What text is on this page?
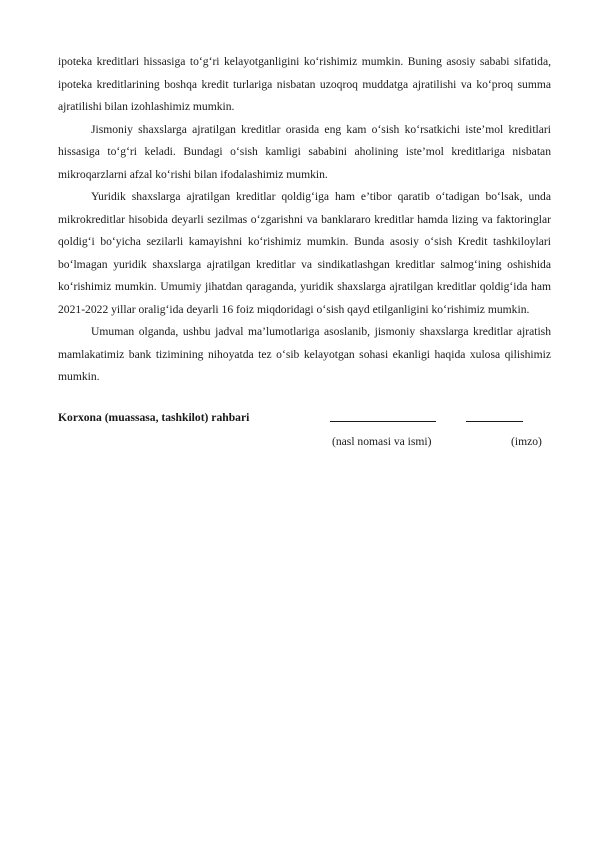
ipoteka kreditlari hissasiga to‘g‘ri kelayotganligini ko‘rishimiz mumkin. Buning asosiy sababi sifatida, ipoteka kreditlarining boshqa kredit turlariga nisbatan uzoqroq muddatga ajratilishi va ko‘proq summa ajratilishi bilan izohlashimiz mumkin.

Jismoniy shaxslarga ajratilgan kreditlar orasida eng kam o‘sish ko‘rsatkichi iste’mol kreditlari hissasiga to‘g‘ri keladi. Bundagi o‘sish kamligi sababini aholining iste’mol kreditlariga nisbatan mikroqarzlarni afzal ko‘rishi bilan ifodalashimiz mumkin.

Yuridik shaxslarga ajratilgan kreditlar qoldig‘iga ham e’tibor qaratib o‘tadigan bo‘lsak, unda mikrokreditlar hisobida deyarli sezilmas o‘zgarishni va banklararo kreditlar hamda lizing va faktoringlar qoldig‘i bo‘yicha sezilarli kamayishni ko‘rishimiz mumkin. Bunda asosiy o‘sish Kredit tashkiloylari bo‘lmagan yuridik shaxslarga ajratilgan kreditlar va sindikatlashgan kreditlar salmog‘ining oshishida ko‘rishimiz mumkin. Umumiy jihatdan qaraganda, yuridik shaxslarga ajratilgan kreditlar qoldig‘ida ham 2021-2022 yillar oralig‘ida deyarli 16 foiz miqdoridagi o‘sish qayd etilganligini ko‘rishimiz mumkin.

Umuman olganda, ushbu jadval ma’lumotlariga asoslanib, jismoniy shaxslarga kreditlar ajratish mamlakatimiz bank tizimining nihoyatda tez o‘sib kelayotgan sohasi ekanligi haqida xulosa qilishimiz mumkin.

Korxona (muassasa, tashkilot) rahbari
(nasl nomasi va ismi)	(imzo)
